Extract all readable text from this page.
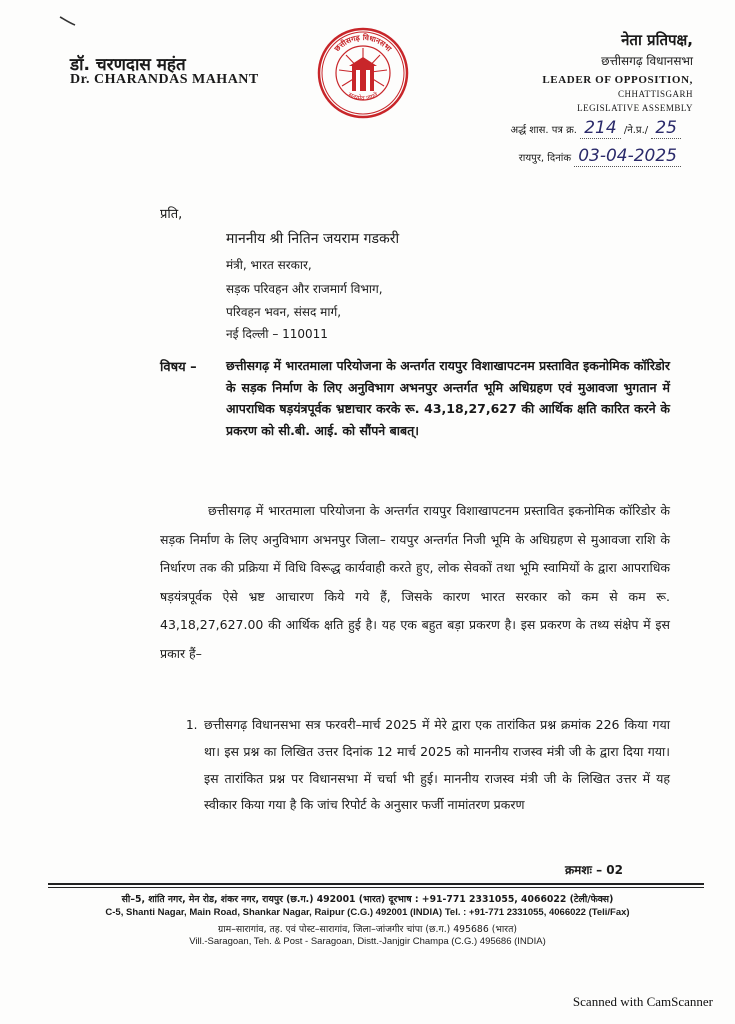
डॉ. चरणदास महंत
Dr. CHARANDAS MAHANT
छत्तीसगढ़ विधानसभा
सत्यमेव जयते
नेता प्रतिपक्ष,
छत्तीसगढ़ विधानसभा
LEADER OF OPPOSITION,
CHHATTISGARH
LEGISLATIVE ASSEMBLY
अर्द्ध शास. पत्र क्र. 214 /ने.प्र./ 25
रायपुर, दिनांक 03-04-2025
प्रति,
माननीय श्री नितिन जयराम गडकरी
मंत्री, भारत सरकार,
सड़क परिवहन और राजमार्ग विभाग,
परिवहन भवन, संसद मार्ग,
नई दिल्ली – 110011
विषय – छत्तीसगढ़ में भारतमाला परियोजना के अन्तर्गत रायपुर विशाखापटनम प्रस्तावित इकनोमिक कॉरिडोर के सड़क निर्माण के लिए अनुविभाग अभनपुर अन्तर्गत भूमि अधिग्रहण एवं मुआवजा भुगतान में आपराधिक षड़यंत्रपूर्वक भ्रष्टाचार करके रू. 43,18,27,627 की आर्थिक क्षति कारित करने के प्रकरण को सी.बी. आई. को सौंपने बाबत्।
छत्तीसगढ़ में भारतमाला परियोजना के अन्तर्गत रायपुर विशाखापटनम प्रस्तावित इकनोमिक कॉरिडोर के सड़क निर्माण के लिए अनुविभाग अभनपुर जिला– रायपुर अन्तर्गत निजी भूमि के अधिग्रहण से मुआवजा राशि के निर्धारण तक की प्रक्रिया में विधि विरूद्ध कार्यवाही करते हुए, लोक सेवकों तथा भूमि स्वामियों के द्वारा आपराधिक षड़यंत्रपूर्वक ऐसे भ्रष्ट आचारण किये गये हैं, जिसके कारण भारत सरकार को कम से कम रू. 43,18,27,627.00 की आर्थिक क्षति हुई है। यह एक बहुत बड़ा प्रकरण है। इस प्रकरण के तथ्य संक्षेप में इस प्रकार हैं–
1. छत्तीसगढ़ विधानसभा सत्र फरवरी–मार्च 2025 में मेरे द्वारा एक तारांकित प्रश्न क्रमांक 226 किया गया था। इस प्रश्न का लिखित उत्तर दिनांक 12 मार्च 2025 को माननीय राजस्व मंत्री जी के द्वारा दिया गया। इस तारांकित प्रश्न पर विधानसभा में चर्चा भी हुई। माननीय राजस्व मंत्री जी के लिखित उत्तर में यह स्वीकार किया गया है कि जांच रिपोर्ट के अनुसार फर्जी नामांतरण प्रकरण
क्रमशः – 02
सी–5, शांति नगर, मेन रोड, शंकर नगर, रायपुर (छ.ग.) 492001 (भारत) दूरभाष : +91-771 2331055, 4066022 (टेली/फेक्स)
C-5, Shanti Nagar, Main Road, Shankar Nagar, Raipur (C.G.) 492001 (INDIA) Tel. : +91-771 2331055, 4066022 (Teli/Fax)
ग्राम–सारागांव, तह. एवं पोस्ट–सारागांव, जिला–जांजगीर चांपा (छ.ग.) 495686 (भारत)
Vill.-Saragoan, Teh. & Post - Saragoan, Distt.-Janjgir Champa (C.G.) 495686 (INDIA)
Scanned with CamScanner
